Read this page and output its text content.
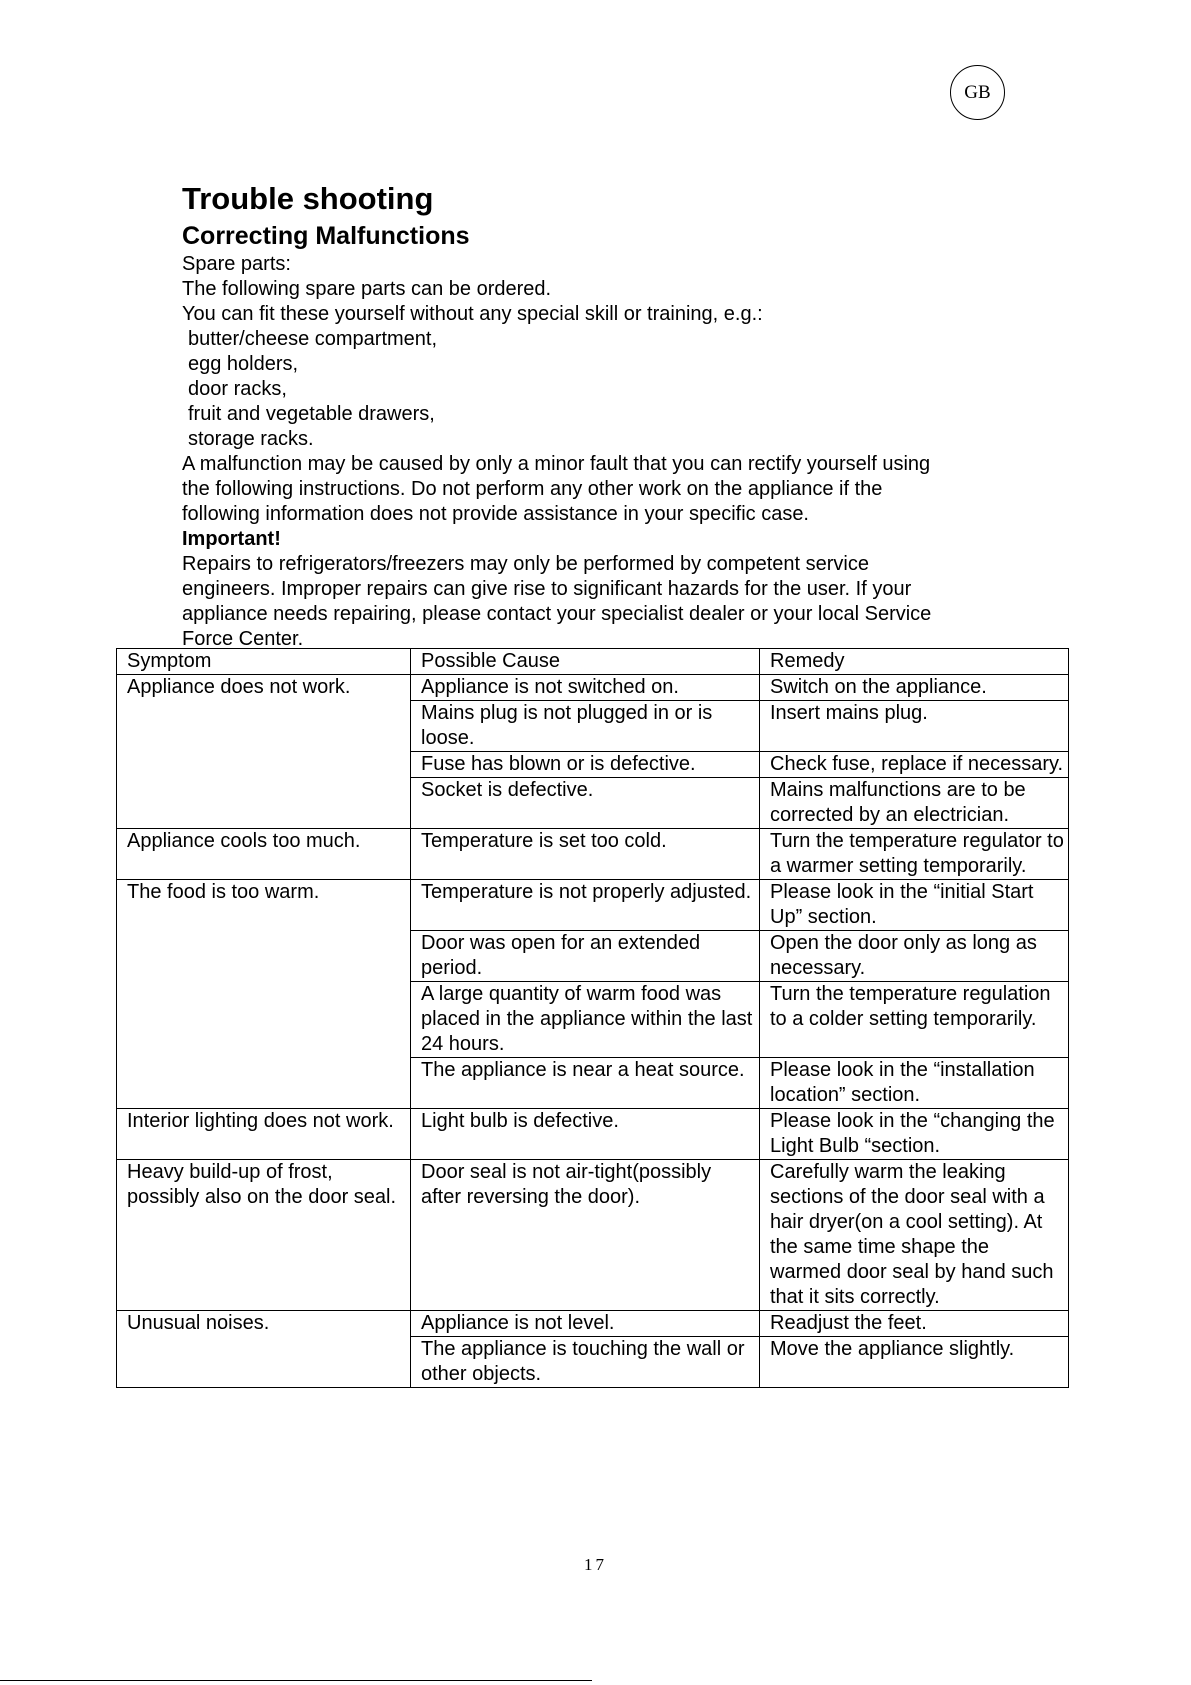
GB
Trouble shooting
Correcting Malfunctions

Spare parts:

The following spare parts can be ordered.

You can fit these yourself without any special skill or training, e.g.:

butter/cheese compartment,

egg holders,

door racks,

fruit and vegetable drawers,

storage racks.

A malfunction may be caused by only a minor fault that you can rectify yourself using

the following instructions. Do not perform any other work on the appliance if the

following information does not provide assistance in your specific case.

Important!

Repairs to refrigerators/freezers may only be performed by competent service

engineers. Improper repairs can give rise to significant hazards for the user. If your

appliance needs repairing, please contact your specialist dealer or your local Service

Force Center.

Symptom	Possible Cause	Remedy
Appliance does not work.	Appliance is not switched on.	Switch on the appliance.
	Mains plug is not plugged in or is loose.	Insert mains plug.
	Fuse has blown or is defective.	Check fuse, replace if necessary.
	Socket is defective.	Mains malfunctions are to be corrected by an electrician.
Appliance cools too much.	Temperature is set too cold.	Turn the temperature regulator to a warmer setting temporarily.
The food is too warm.	Temperature is not properly adjusted.	Please look in the “initial Start Up” section.
	Door was open for an extended period.	Open the door only as long as necessary.
	A large quantity of warm food was placed in the appliance within the last 24 hours.	Turn the temperature regulation to a colder setting temporarily.
	The appliance is near a heat source.	Please look in the “installation location” section.
Interior lighting does not work.	Light bulb is defective.	Please look in the “changing the Light Bulb “section.
Heavy build-up of frost, possibly also on the door seal.	Door seal is not air-tight(possibly after reversing the door).	Carefully warm the leaking sections of the door seal with a hair dryer(on a cool setting). At the same time shape the warmed door seal by hand such that it sits correctly.
Unusual noises.	Appliance is not level.	Readjust the feet.
	The appliance is touching the wall or other objects.	Move the appliance slightly.
17
